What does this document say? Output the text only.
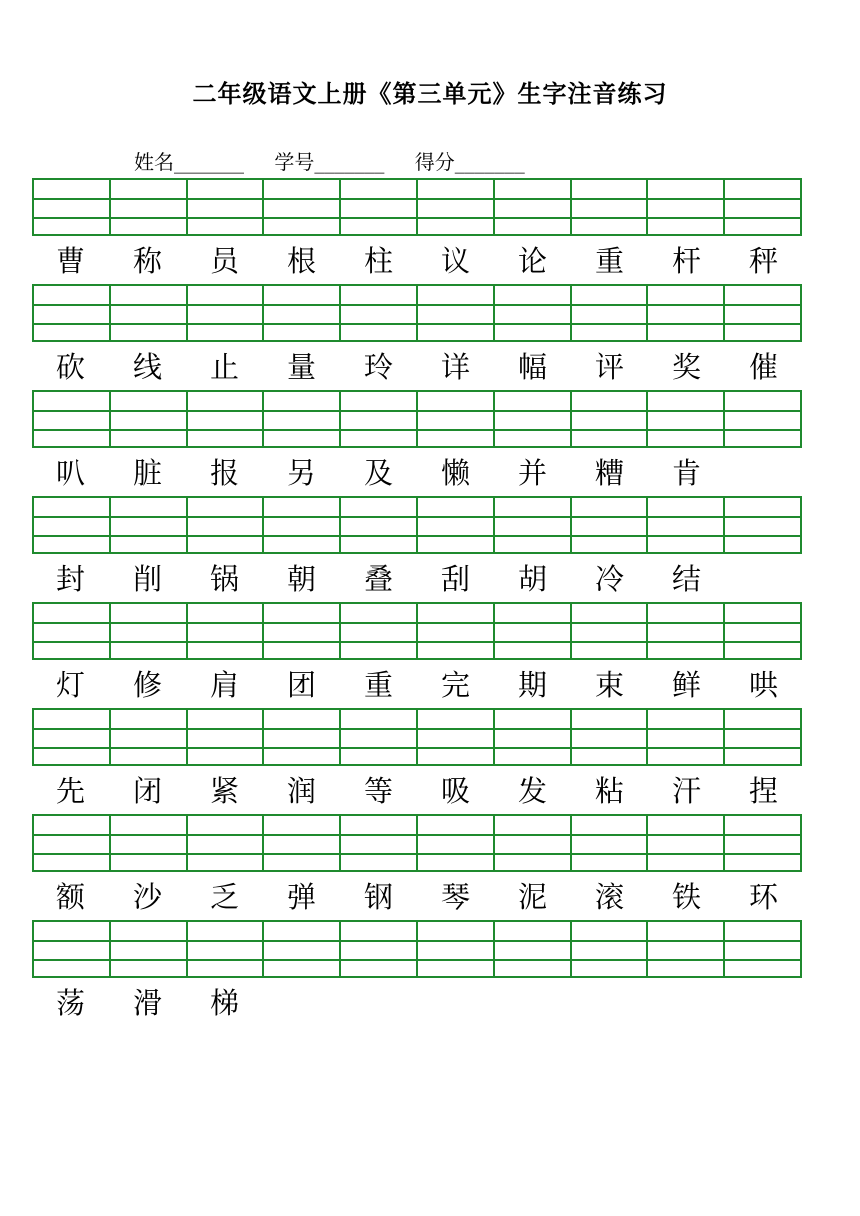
二年级语文上册《第三单元》生字注音练习
姓名_______ 学号_______ 得分_______
曹	称	员	根	柱	议	论	重	杆	秤
砍	线	止	量	玲	详	幅	评	奖	催
叭	脏	报	另	及	懒	并	糟	肯
封	削	锅	朝	叠	刮	胡	冷	结
灯	修	肩	团	重	完	期	束	鲜	哄
先	闭	紧	润	等	吸	发	粘	汗	捏
额	沙	乏	弹	钢	琴	泥	滚	铁	环
荡	滑	梯
